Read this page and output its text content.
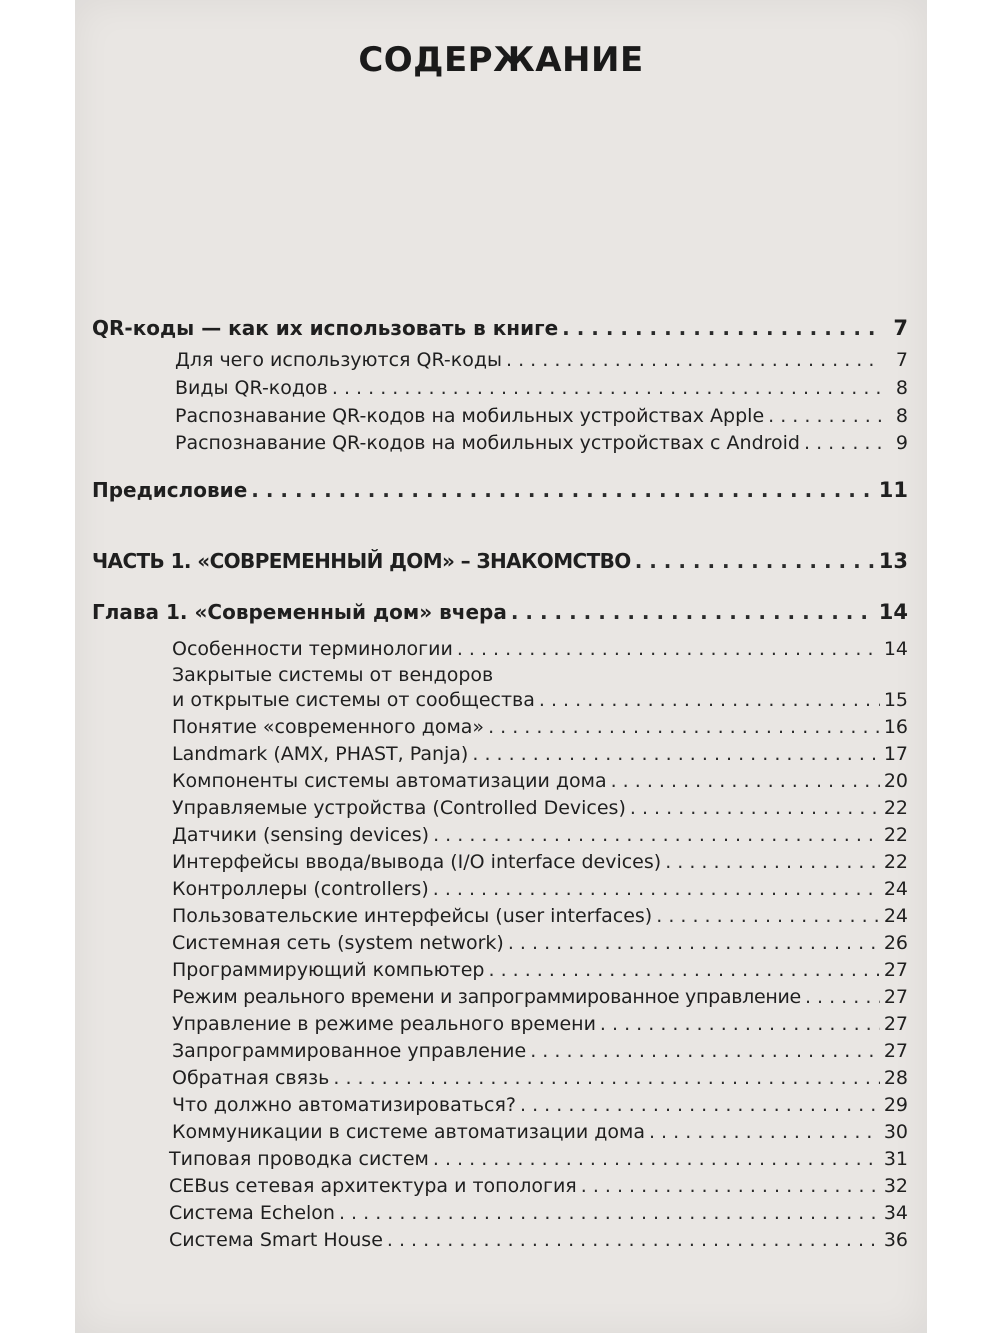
СОДЕРЖАНИЕ
QR-коды — как их использовать в книге . . .	7
Для чего используются QR-коды . . .	7
Виды QR-кодов . . .	8
Распознавание QR-кодов на мобильных устройствах Apple . . .	8
Распознавание QR-кодов на мобильных устройствах с Android . . .	9
Предисловие . . .	11
ЧАСТЬ 1. «СОВРЕМЕННЫЙ ДОМ» – ЗНАКОМСТВО . . .	13
Глава 1. «Современный дом» вчера . . .	14
Особенности терминологии . . .	14
Закрытые системы от вендоров
и открытые системы от сообщества . . .	15
Понятие «современного дома» . . .	16
Landmark (AMX, PHAST, Panja) . . .	17
Компоненты системы автоматизации дома . . .	20
Управляемые устройства (Controlled Devices) . . .	22
Датчики (sensing devices) . . .	22
Интерфейсы ввода/вывода (I/O interface devices) . . .	22
Контроллеры (controllers) . . .	24
Пользовательские интерфейсы (user interfaces) . . .	24
Системная сеть (system network) . . .	26
Программирующий компьютер . . .	27
Режим реального времени и запрограммированное управление . . .	27
Управление в режиме реального времени . . .	27
Запрограммированное управление . . .	27
Обратная связь . . .	28
Что должно автоматизироваться? . . .	29
Коммуникации в системе автоматизации дома . . .	30
Типовая проводка систем . . .	31
CEBus сетевая архитектура и топология . . .	32
Система Echelon . . .	34
Система Smart House . . .	36
